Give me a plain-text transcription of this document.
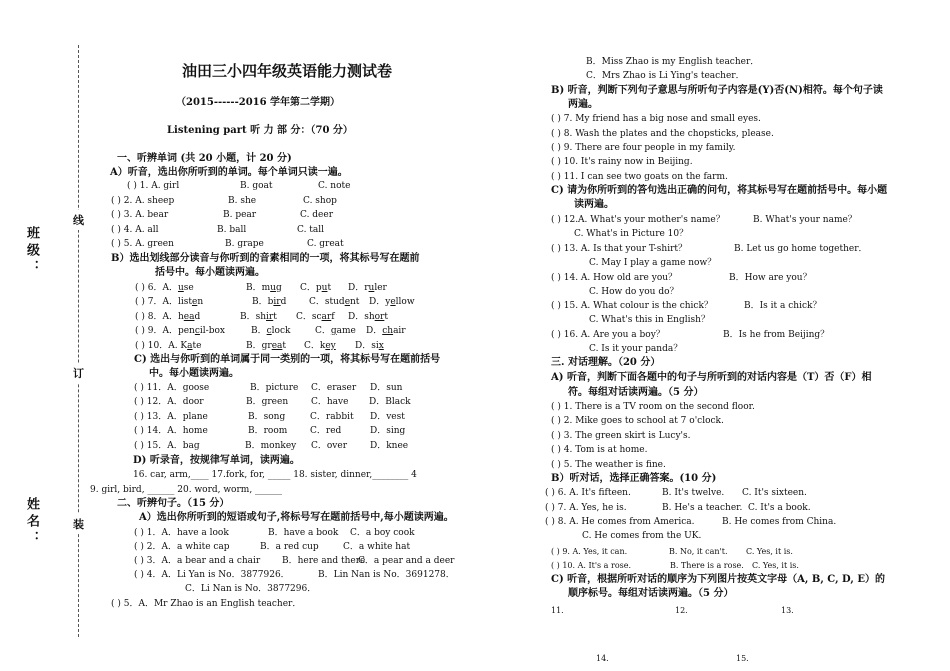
线
订
装
班级：
姓名：
油田三小四年级英语能力测试卷
（2015------2016 学年第二学期）
Listening part 听 力 部 分：（70 分）
一、听辨单词 (共 20 小题，计 20 分)
A）听音，选出你所听到的单词。每个单词只读一遍。
( ) 1. A. girl	B. goat	C. note
( ) 2. A. sheep	B. she	C. shop
( ) 3. A. bear	B. pear	C. deer
( ) 4. A. all	B. ball	C. tall
( ) 5. A. green	B. grape	C. great
B）选出划线部分读音与你听到的音素相同的一项，将其标号写在题前
括号中。每小题读两遍。
( ) 6．A．use	B．mug C．put D．ruler
( ) 7．A．listen	B．bird	C．student D．yellow
( ) 8．A．head	B．shirt C．scarf D．short
( ) 9．A．pencil-box	B．clock	C．game D．chair
( ) 10．A. Kate	B．great C．key D．six
C) 选出与你听到的单词属于同一类别的一项，将其标号写在题前括号
中。每小题读两遍。
( ) 11．A．goose	B．picture C．eraser D．sun
( ) 12．A．door	B．green	C．have D．Black
( ) 13．A．plane	B．song	C．rabbit D．vest
( ) 14．A．home	B．room	C．red	D．sing
( ) 15．A．bag	B．monkey C．over	D．knee
D) 听录音，按规律写单词，读两遍。
16. car, arm,____ 17.fork, for, _____ 18. sister, dinner,________ 4
9. girl, bird, ______ 20. word, worm, ______
二、听辨句子。（15 分）
A）选出你所听到的短语或句子,将标号写在题前括号中,每小题读两遍。
( ) 1．A．have a look	B．have a book C．a boy cook
( ) 2．A．a white cap	B．a red cup	C．a white hat
( ) 3．A．a bear and a chair B．here and there
C．a pear and a deer
( ) 4．A．Li Yan is No．3877926．	B．Lin Nan is No．3691278．
C．Li Nan is No．3877296．
( ) 5．A．Mr Zhao is an English teacher．
B．Miss Zhao is my English teacher．
C．Mrs Zhao is Li Ying's teacher．
B) 听音，判断下列句子意思与所听句子内容是(Y)否(N)相符。每个句子读
两遍。
( ) 7. My friend has a big nose and small eyes.
( ) 8. Wash the plates and the chopsticks, please.
( ) 9. There are four people in my family.
( ) 10. It's rainy now in Beijing.
( ) 11. I can see two goats on the farm.
C) 请为你所听到的答句选出正确的问句，将其标号写在题前括号中。每小题
读两遍。
( ) 12.A. What's your mother's name？	B. What's your name？
C. What's in Picture 10？
( ) 13. A. Is that your T-shirt？	B. Let us go home together．
C. May I play a game now？
( ) 14. A. How old are you？	B．How are you？
C. How do you do？
( ) 15. A. What colour is the chick？	B．Is it a chick？
C. What's this in English？
( ) 16. A. Are you a boy？	B．Is he from Beijing？
C. Is it your panda？
三. 对话理解。（20 分）
A) 听音，判断下面各题中的句子与所听到的对话内容是（T）否（F）相
符。每组对话读两遍。（5 分）
( ) 1. There is a TV room on the second floor.
( ) 2. Mike goes to school at 7 o'clock.
( ) 3. The green skirt is Lucy's.
( ) 4. Tom is at home.
( ) 5. The weather is fine.
B）听对话，选择正确答案。(10 分)
( ) 6. A. It's fifteen.	B. It's twelve. C. It's sixteen.
( ) 7. A. Yes, he is.	B. He's a teacher. C. It's a book.
( ) 8. A. He comes from America.	B. He comes from China.
C. He comes from the UK.
( ) 9. A. Yes, it can.	B. No, it can't. C. Yes, it is.
( ) 10. A. It's a rose.	B. There is a rose. C. Yes, it is.
C) 听音，根据所听对话的顺序为下列图片按英文字母（A, B, C, D, E）的
顺序标号。每组对话读两遍。（5 分）
11.	12.	13.
14.	15.
